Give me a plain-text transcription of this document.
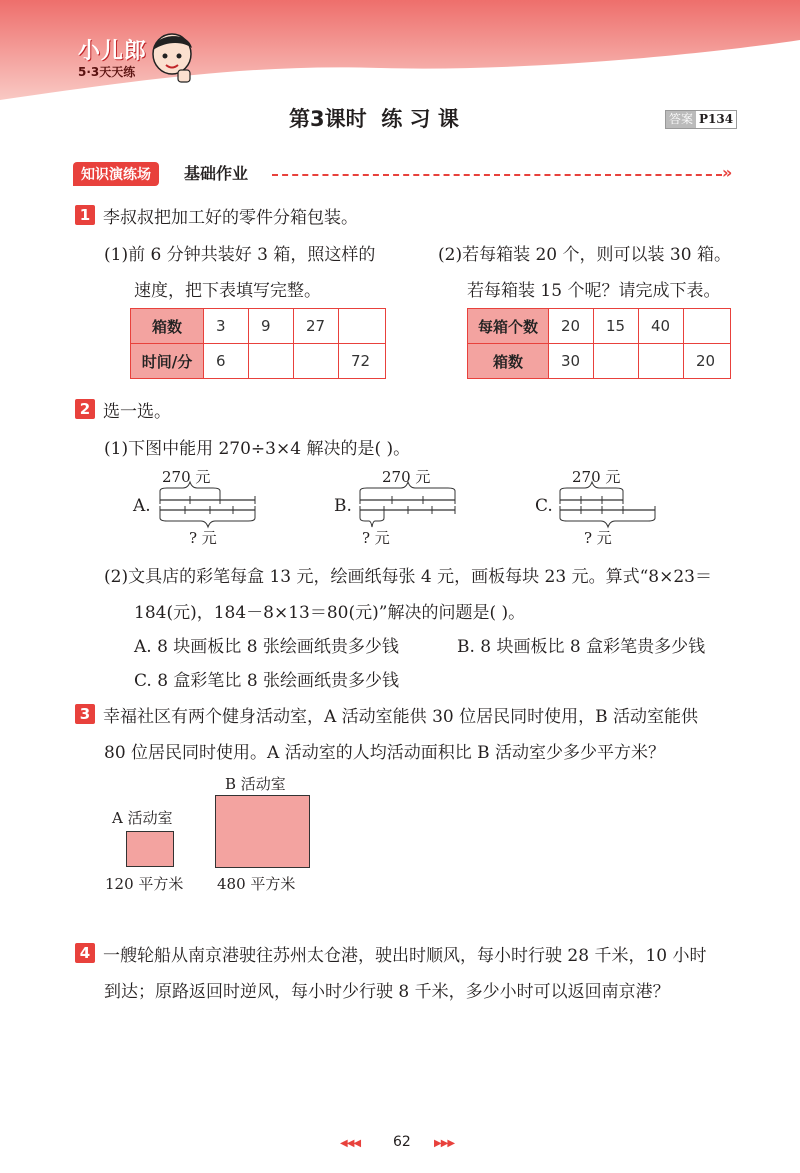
小儿郎
5·3天天练
第3课时  练 习 课	答案 P134
知识演练场	基础作业	»
1 李叔叔把加工好的零件分箱包装。
(1)前 6 分钟共装好 3 箱，照这样的
速度，把下表填写完整。
(2)若每箱装 20 个，则可以装 30 箱。
若每箱装 15 个呢？请完成下表。
箱数	3	9	27	
时间/分	6			72
每箱个数	20	15	40	
箱数	30			20
2 选一选。
(1)下图中能用 270÷3×4 解决的是( )。
A.
270 元
? 元
B.
270 元
? 元
C.
270 元
? 元
(2)文具店的彩笔每盒 13 元，绘画纸每张 4 元，画板每块 23 元。算式“8×23＝
184(元)，184－8×13＝80(元)”解决的问题是( )。
A. 8 块画板比 8 张绘画纸贵多少钱	B. 8 块画板比 8 盒彩笔贵多少钱
C. 8 盒彩笔比 8 张绘画纸贵多少钱
3 幸福社区有两个健身活动室，A 活动室能供 30 位居民同时使用，B 活动室能供
80 位居民同时使用。A 活动室的人均活动面积比 B 活动室少多少平方米？
B 活动室
480 平方米
A 活动室
120 平方米
4 一艘轮船从南京港驶往苏州太仓港，驶出时顺风，每小时行驶 28 千米，10 小时
到达；原路返回时逆风，每小时少行驶 8 千米，多少小时可以返回南京港？
◀◀◀ 62 ▶▶▶
